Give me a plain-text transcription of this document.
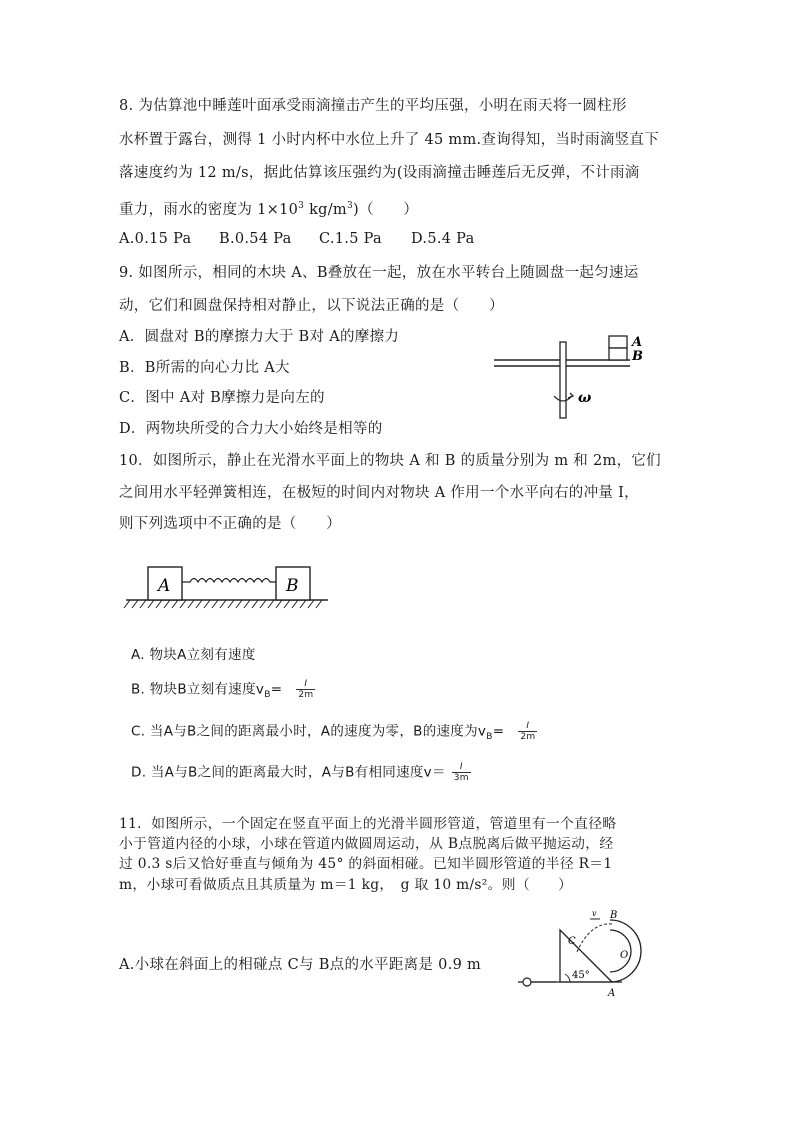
8. 为估算池中睡莲叶面承受雨滴撞击产生的平均压强，小明在雨天将一圆柱形
水杯置于露台，测得 1 小时内杯中水位上升了 45 mm.查询得知，当时雨滴竖直下
落速度约为 12 m/s，据此估算该压强约为(设雨滴撞击睡莲后无反弹，不计雨滴
重力，雨水的密度为 $1\times 10^3$ $kg/m^3$)（　　）
A.0.15 Pa B.0.54 Pa C.1.5 Pa D.5.4 Pa
9. 如图所示，相同的木块 A、B叠放在一起，放在水平转台上随圆盘一起匀速运
动，它们和圆盘保持相对静止，以下说法正确的是（　　）
A．圆盘对 B的摩擦力大于 B对 A的摩擦力
B．B所需的向心力比 A大
C．图中 A对 B摩擦力是向左的
D．两物块所受的合力大小始终是相等的
A
B
ω
10．如图所示，静止在光滑水平面上的物块 A 和 B 的质量分别为 m 和 2m，它们
之间用水平轻弹簧相连，在极短的时间内对物块 A 作用一个水平向右的冲量 I，
则下列选项中不正确的是（　　）
A	B
A. 物块A立刻有速度
B. 物块B立刻有速度$v_B= \frac{I}{2m}$
C. 当A与B之间的距离最小时，A的速度为零，B的速度为$v_B= \frac{I}{2m}$
D. 当A与B之间的距离最大时，A与B有相同速度$v= \frac{I}{3m}$
11．如图所示，一个固定在竖直平面上的光滑半圆形管道，管道里有一个直径略
小于管道内径的小球，小球在管道内做圆周运动，从 B点脱离后做平抛运动，经
过 0.3 s后又恰好垂直与倾角为 45° 的斜面相碰。已知半圆形管道的半径 R＝1
m，小球可看做质点且其质量为 m＝1 kg，　g 取 10 m/s²。则（　　）
A.小球在斜面上的相碰点 C与 B点的水平距离是 0.9 m
45°
C
v B
O
A
